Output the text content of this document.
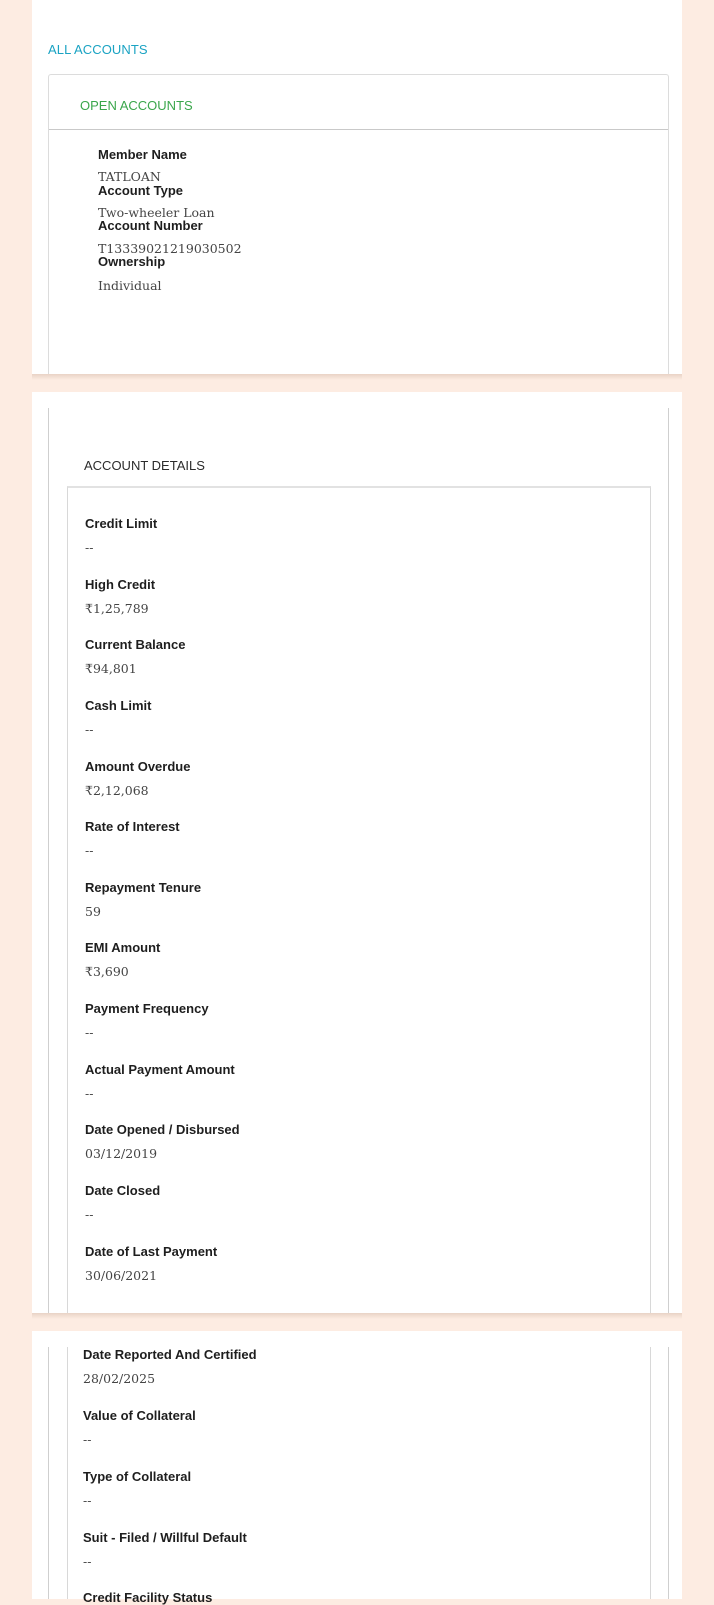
ALL ACCOUNTS
OPEN ACCOUNTS
Member Name
TATLOAN
Account Type
Two-wheeler Loan
Account Number
T13339021219030502
Ownership
Individual
ACCOUNT DETAILS
Credit Limit
--
High Credit
₹1,25,789
Current Balance
₹94,801
Cash Limit
--
Amount Overdue
₹2,12,068
Rate of Interest
--
Repayment Tenure
59
EMI Amount
₹3,690
Payment Frequency
--
Actual Payment Amount
--
Date Opened / Disbursed
03/12/2019
Date Closed
--
Date of Last Payment
30/06/2021
Date Reported And Certified
28/02/2025
Value of Collateral
--
Type of Collateral
--
Suit - Filed / Willful Default
--
Credit Facility Status
